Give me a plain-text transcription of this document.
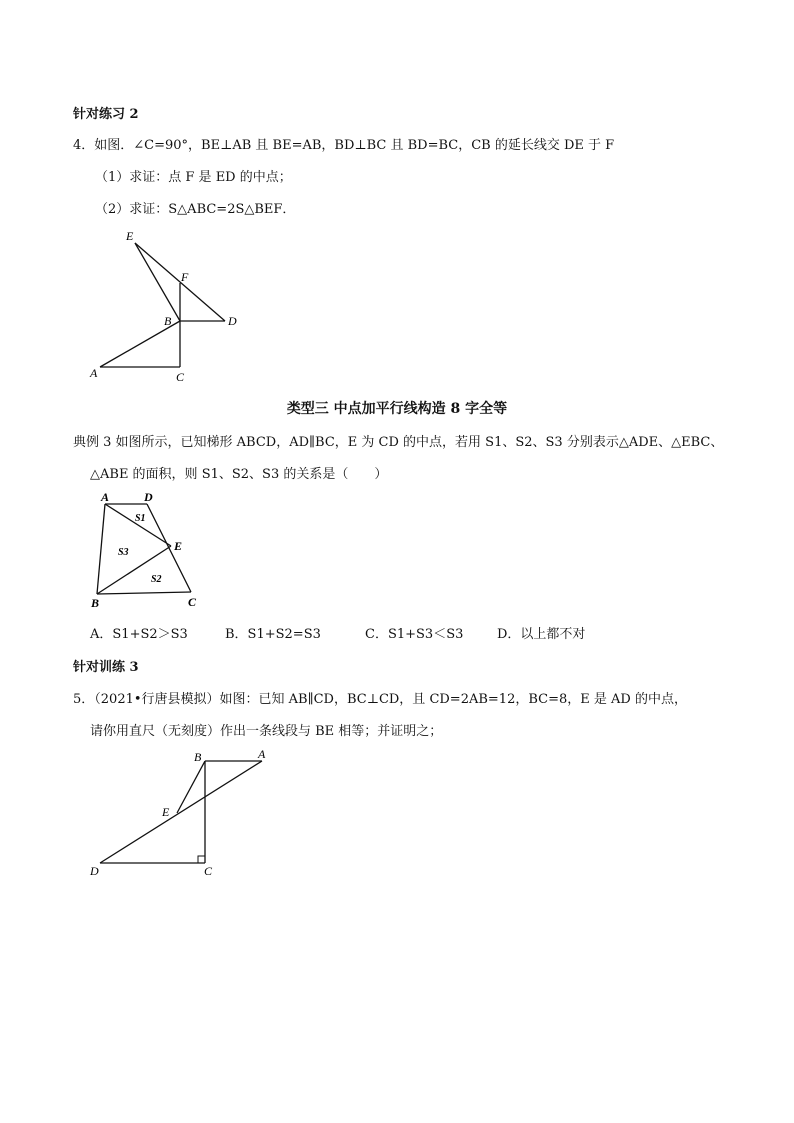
针对练习 2
4．如图．∠C=90°，BE⊥AB 且 BE=AB，BD⊥BC 且 BD=BC，CB 的延长线交 DE 于 F
（1）求证：点 F 是 ED 的中点；
（2）求证：S△ABC=2S△BEF．
E
F
B	D
A	C
类型三 中点加平行线构造 8 字全等
典例 3 如图所示，已知梯形 ABCD，AD∥BC，E 为 CD 的中点，若用 S1、S2、S3 分别表示△ADE、△EBC、
△ABE 的面积，则 S1、S2、S3 的关系是（　　）
A	D
S1
E
S3
S2
B	C
A．S1+S2＞S3	B．S1+S2=S3	C．S1+S3＜S3	D．以上都不对
针对训练 3
5．（2021•行唐县模拟）如图：已知 AB∥CD，BC⊥CD，且 CD=2AB=12，BC=8，E 是 AD 的中点，
请你用直尺（无刻度）作出一条线段与 BE 相等；并证明之；
B	A
E
D	C
